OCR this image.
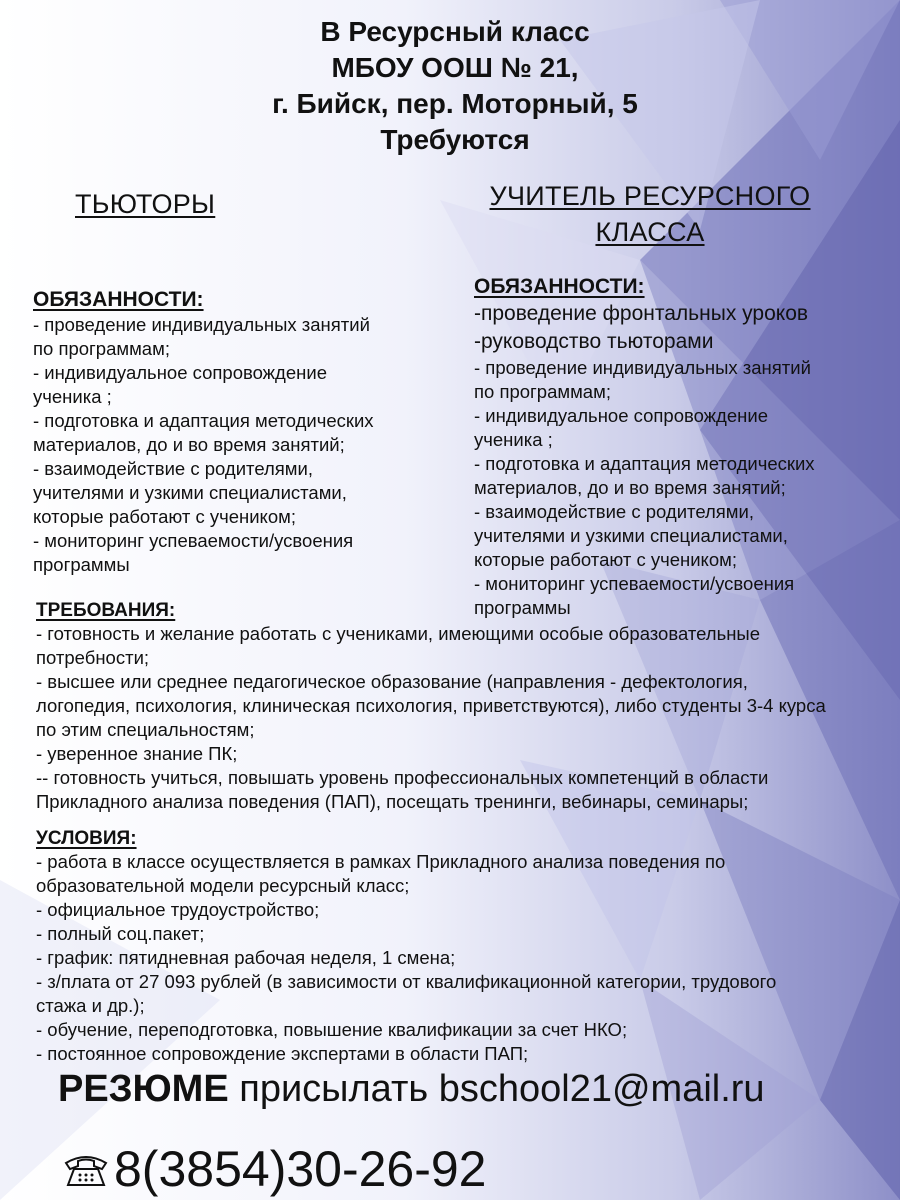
В Ресурсный класс
МБОУ ООШ № 21,
г. Бийск, пер. Моторный, 5
Требуются
ТЬЮТОРЫ	УЧИТЕЛЬ РЕСУРСНОГО
КЛАССА
ОБЯЗАННОСТИ:
- проведение индивидуальных занятий
по программам;
- индивидуальное сопровождение
ученика ;
- подготовка и адаптация методических
материалов, до и во время занятий;
- взаимодействие с родителями,
учителями и узкими специалистами,
которые работают с учеником;
- мониторинг успеваемости/усвоения
программы
ОБЯЗАННОСТИ:
-проведение фронтальных уроков
-руководство тьюторами
- проведение индивидуальных занятий
по программам;
- индивидуальное сопровождение
ученика ;
- подготовка и адаптация методических
материалов, до и во время занятий;
- взаимодействие с родителями,
учителями и узкими специалистами,
которые работают с учеником;
- мониторинг успеваемости/усвоения
программы
ТРЕБОВАНИЯ:
- готовность и желание работать с учениками, имеющими особые образовательные
потребности;
- высшее или среднее педагогическое образование (направления - дефектология,
логопедия, психология, клиническая психология, приветствуются), либо студенты 3-4 курса
по этим специальностям;
- уверенное знание ПК;
-- готовность учиться, повышать уровень профессиональных компетенций в области
Прикладного анализа поведения (ПАП), посещать тренинги, вебинары, семинары;
УСЛОВИЯ:
- работа в классе осуществляется в рамках Прикладного анализа поведения по
образовательной модели ресурсный класс;
- официальное трудоустройство;
- полный соц.пакет;
- график: пятидневная рабочая неделя, 1 смена;
- з/плата от 27 093 рублей (в зависимости от квалификационной категории, трудового
стажа и др.);
- обучение, переподготовка, повышение квалификации за счет НКО;
- постоянное сопровождение экспертами в области ПАП;
РЕЗЮМЕ присылать bschool21@mail.ru
8(3854)30-26-92
